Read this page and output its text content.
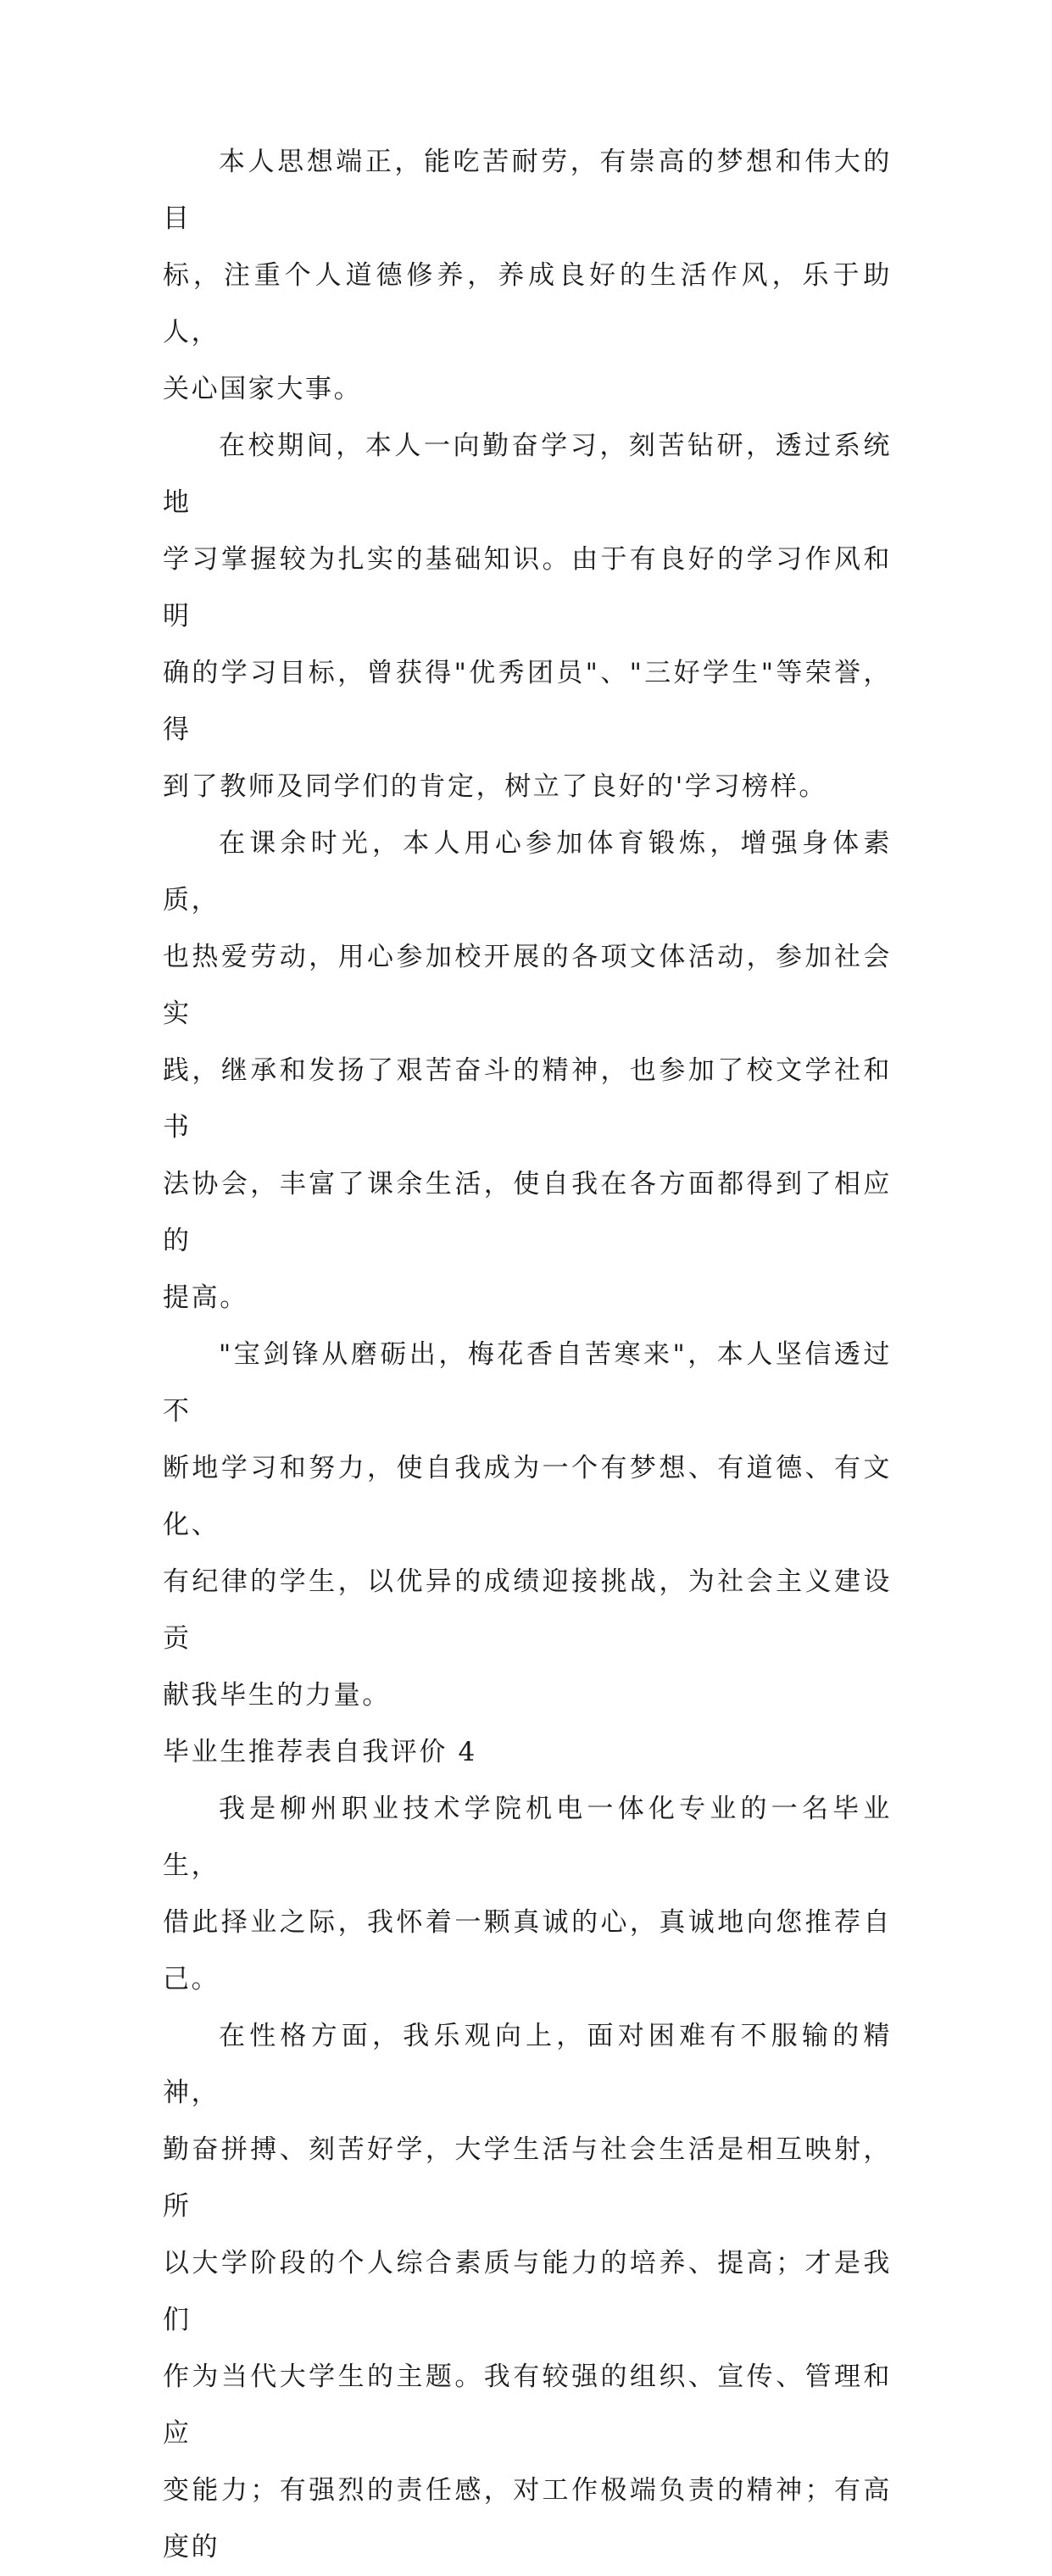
本人思想端正，能吃苦耐劳，有崇高的梦想和伟大的目
标，注重个人道德修养，养成良好的生活作风，乐于助人，
关心国家大事。

在校期间，本人一向勤奋学习，刻苦钻研，透过系统地
学习掌握较为扎实的基础知识。由于有良好的学习作风和明
确的学习目标，曾获得"优秀团员"、"三好学生"等荣誉，得
到了教师及同学们的肯定，树立了良好的'学习榜样。

在课余时光，本人用心参加体育锻炼，增强身体素质，
也热爱劳动，用心参加校开展的各项文体活动，参加社会实
践，继承和发扬了艰苦奋斗的精神，也参加了校文学社和书
法协会，丰富了课余生活，使自我在各方面都得到了相应的
提高。

"宝剑锋从磨砺出，梅花香自苦寒来"，本人坚信透过不
断地学习和努力，使自我成为一个有梦想、有道德、有文化、
有纪律的学生，以优异的成绩迎接挑战，为社会主义建设贡
献我毕生的力量。

毕业生推荐表自我评价 4

我是柳州职业技术学院机电一体化专业的一名毕业生，
借此择业之际，我怀着一颗真诚的心，真诚地向您推荐自己。

在性格方面，我乐观向上，面对困难有不服输的精神，
勤奋拼搏、刻苦好学，大学生活与社会生活是相互映射，所
以大学阶段的个人综合素质与能力的培养、提高；才是我们
作为当代大学生的主题。我有较强的组织、宣传、管理和应
变能力；有强烈的责任感，对工作极端负责的精神；有高度的
